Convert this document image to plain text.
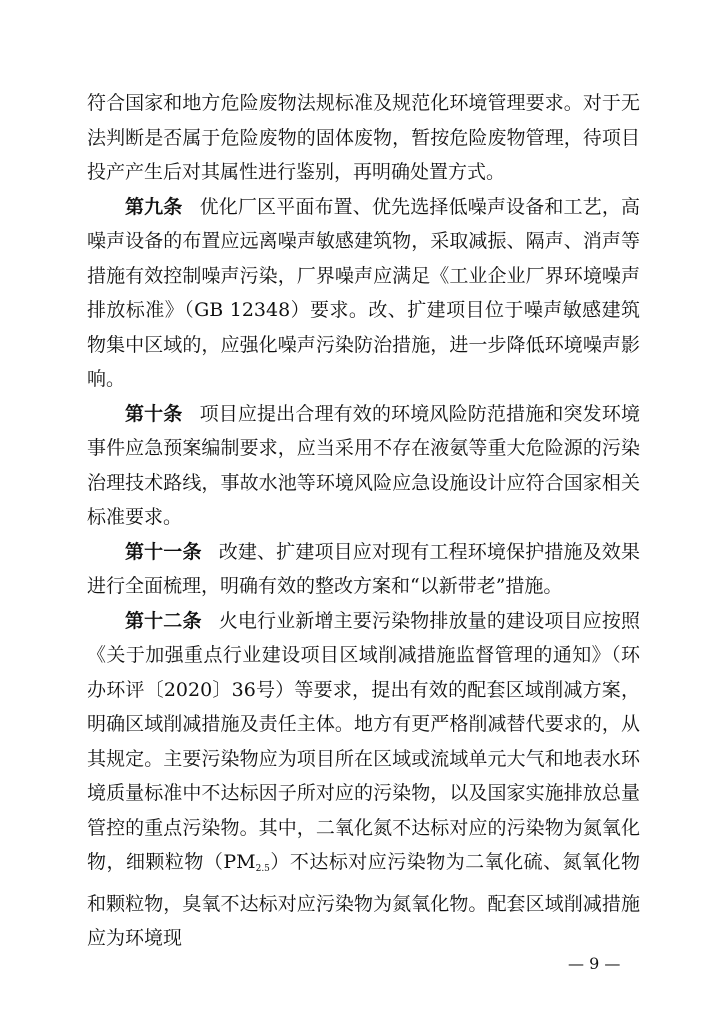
符合国家和地方危险废物法规标准及规范化环境管理要求。对于无法判断是否属于危险废物的固体废物，暂按危险废物管理，待项目投产产生后对其属性进行鉴别，再明确处置方式。

第九条 优化厂区平面布置、优先选择低噪声设备和工艺，高噪声设备的布置应远离噪声敏感建筑物，采取减振、隔声、消声等措施有效控制噪声污染，厂界噪声应满足《工业企业厂界环境噪声排放标准》（GB 12348）要求。改、扩建项目位于噪声敏感建筑物集中区域的，应强化噪声污染防治措施，进一步降低环境噪声影响。

第十条 项目应提出合理有效的环境风险防范措施和突发环境事件应急预案编制要求，应当采用不存在液氨等重大危险源的污染治理技术路线，事故水池等环境风险应急设施设计应符合国家相关标准要求。

第十一条 改建、扩建项目应对现有工程环境保护措施及效果进行全面梳理，明确有效的整改方案和“以新带老”措施。

第十二条 火电行业新增主要污染物排放量的建设项目应按照《关于加强重点行业建设项目区域削减措施监督管理的通知》（环办环评〔2020〕36号）等要求，提出有效的配套区域削减方案，明确区域削减措施及责任主体。地方有更严格削减替代要求的，从其规定。主要污染物应为项目所在区域或流域单元大气和地表水环境质量标准中不达标因子所对应的污染物，以及国家实施排放总量管控的重点污染物。其中，二氧化氮不达标对应的污染物为氮氧化物，细颗粒物$(PM_{2.5})$不达标对应污染物为二氧化硫、氮氧化物和颗粒物，臭氧不达标对应污染物为氮氧化物。配套区域削减措施应为环境现

— 9 —
